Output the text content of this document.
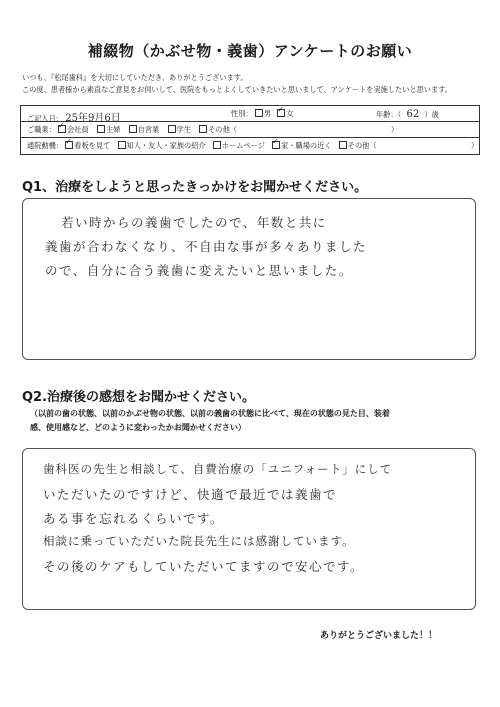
補綴物（かぶせ物・義歯）アンケートのお願い
いつも、『松尾歯科』を大切にしていただき、ありがとうございます。
この度、患者様から素直なご意見をお伺いして、医院をもっとよくしていきたいと思いまして、アンケートを実施したいと思います。
ご記入日： 25年9月6日	性別： 男 ✓ 女	年齢：（ 62 ）歳
ご職業： ✓ 会社員 主婦 自営業 学生 その他（	）
通院動機： ✓ 看板を見て 知人・友人・家族の紹介 ホームページ ✓ 家・職場の近く その他（	）
Q1、治療をしようと思ったきっかけをお聞かせください。
若い時からの義歯でしたので、年数と共に
義歯が合わなくなり、不自由な事が多々ありました
ので、自分に合う義歯に変えたいと思いました。
Q2.治療後の感想をお聞かせください。
（以前の歯の状態、以前のかぶせ物の状態、以前の義歯の状態に比べて、現在の状態の見た目、装着
感、使用感など、どのように変わったかお聞かせください）
歯科医の先生と相談して、自費治療の「ユニフォート」にして
いただいたのですけど、快適で最近では義歯で
ある事を忘れるくらいです。
相談に乗っていただいた院長先生には感謝しています。
その後のケアもしていただいてますので安心です。
ありがとうございました！！
